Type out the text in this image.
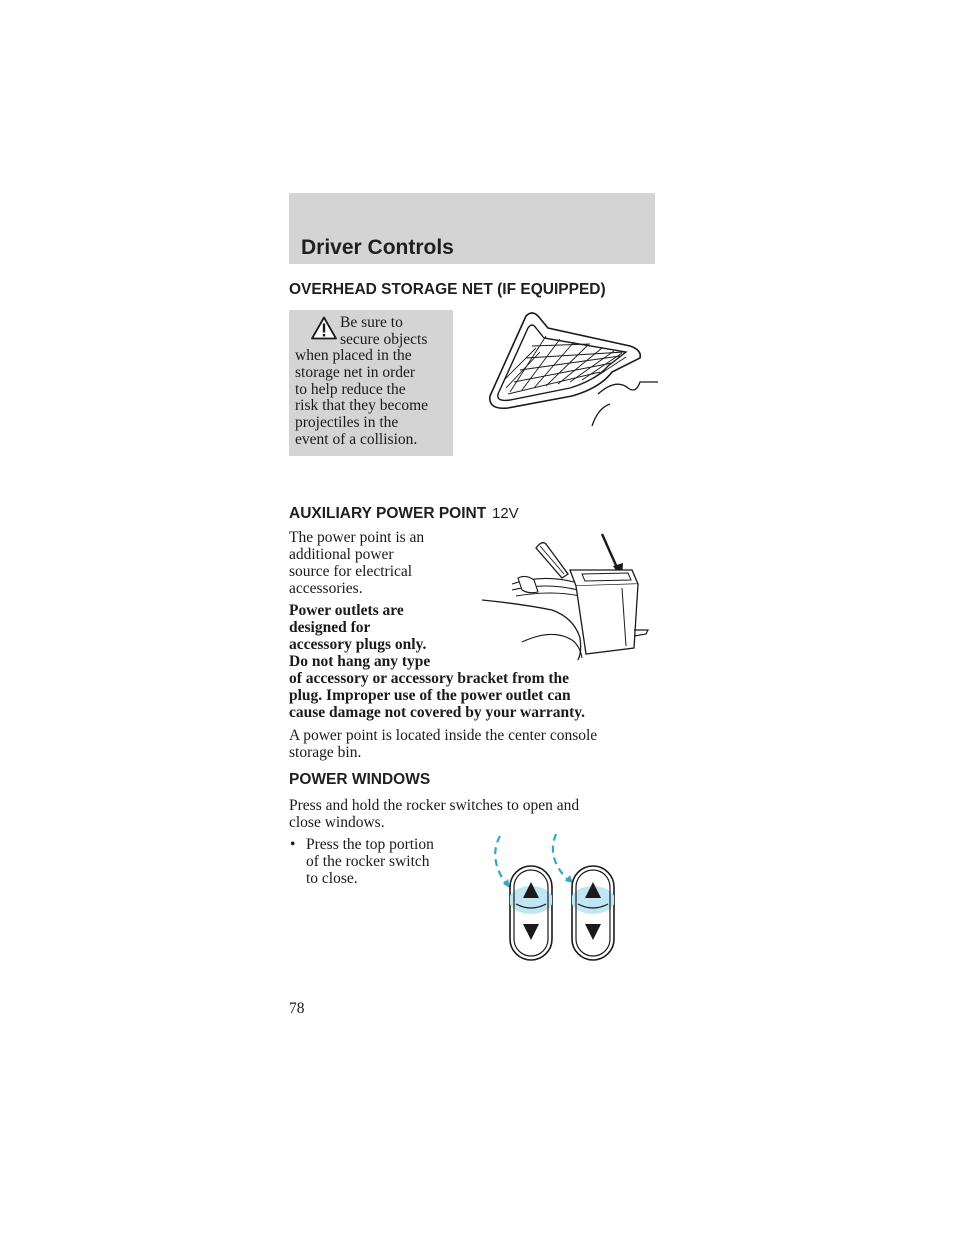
Driver Controls
OVERHEAD STORAGE NET (IF EQUIPPED)
Be sure to
secure objects
when placed in the
storage net in order
to help reduce the
risk that they become
projectiles in the
event of a collision.
AUXILIARY POWER POINT 12V
The power point is an
additional power
source for electrical
accessories.
Power outlets are
designed for
accessory plugs only.
Do not hang any type
of accessory or accessory bracket from the
plug. Improper use of the power outlet can
cause damage not covered by your warranty.
A power point is located inside the center console
storage bin.
POWER WINDOWS
Press and hold the rocker switches to open and
close windows.
• Press the top portion
of the rocker switch
to close.
78
